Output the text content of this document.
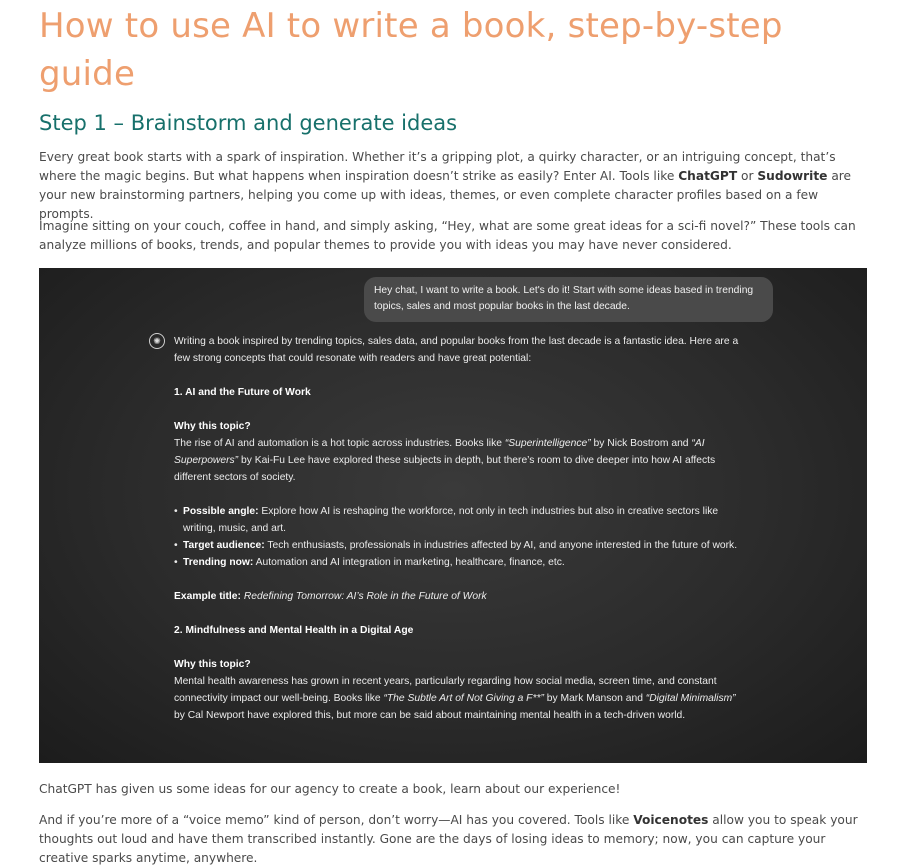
How to use AI to write a book, step-by-step guide
Step 1 – Brainstorm and generate ideas

Every great book starts with a spark of inspiration. Whether it’s a gripping plot, a quirky character, or an intriguing concept, that’s where the magic begins. But what happens when inspiration doesn’t strike as easily? Enter AI. Tools like ChatGPT or Sudowrite are your new brainstorming partners, helping you come up with ideas, themes, or even complete character profiles based on a few prompts.

Imagine sitting on your couch, coffee in hand, and simply asking, “Hey, what are some great ideas for a sci-fi novel?” These tools can analyze millions of books, trends, and popular themes to provide you with ideas you may have never considered.

Hey chat, I want to write a book. Let's do it! Start with some ideas based in trending topics, sales and most popular books in the last decade.
✺ Writing a book inspired by trending topics, sales data, and popular books from the last decade is a fantastic idea. Here are a few strong concepts that could resonate with readers and have great potential:

1. AI and the Future of Work

Why this topic?

The rise of AI and automation is a hot topic across industries. Books like “Superintelligence” by Nick Bostrom and “AI Superpowers” by Kai-Fu Lee have explored these subjects in depth, but there’s room to dive deeper into how AI affects different sectors of society.

• Possible angle: Explore how AI is reshaping the workforce, not only in tech industries but also in creative sectors like writing, music, and art.
• Target audience: Tech enthusiasts, professionals in industries affected by AI, and anyone interested in the future of work.
• Trending now: Automation and AI integration in marketing, healthcare, finance, etc.

Example title: Redefining Tomorrow: AI’s Role in the Future of Work

2. Mindfulness and Mental Health in a Digital Age

Why this topic?

Mental health awareness has grown in recent years, particularly regarding how social media, screen time, and constant connectivity impact our well-being. Books like “The Subtle Art of Not Giving a F**” by Mark Manson and “Digital Minimalism” by Cal Newport have explored this, but more can be said about maintaining mental health in a tech-driven world.

ChatGPT has given us some ideas for our agency to create a book, learn about our experience!

And if you’re more of a “voice memo” kind of person, don’t worry—AI has you covered. Tools like Voicenotes allow you to speak your thoughts out loud and have them transcribed instantly. Gone are the days of losing ideas to memory; now, you can capture your creative sparks anytime, anywhere.
